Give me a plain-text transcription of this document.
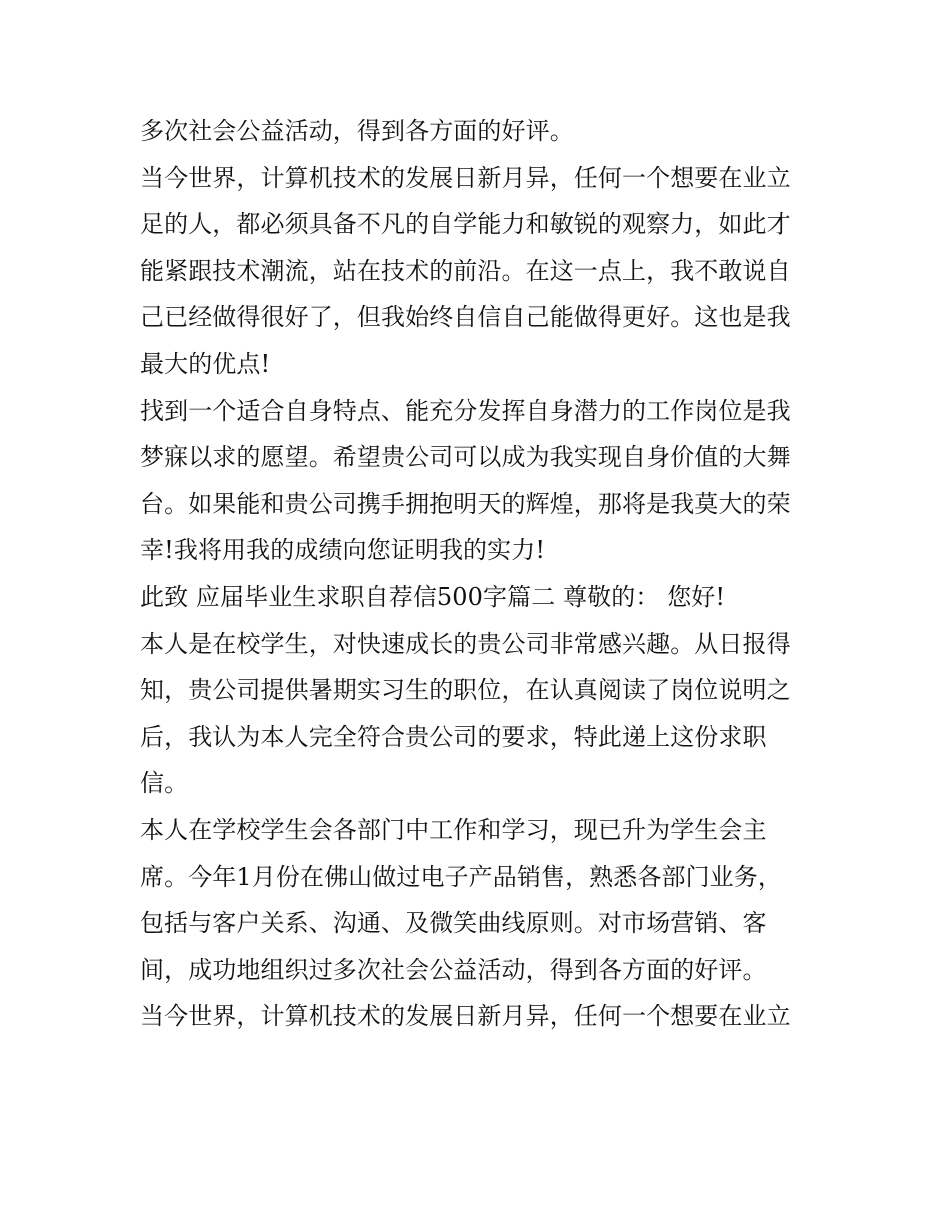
多次社会公益活动，得到各方面的好评。
当今世界，计算机技术的发展日新月异，任何一个想要在业立
足的人，都必须具备不凡的自学能力和敏锐的观察力，如此才
能紧跟技术潮流，站在技术的前沿。在这一点上，我不敢说自
己已经做得很好了，但我始终自信自己能做得更好。这也是我
最大的优点!
找到一个适合自身特点、能充分发挥自身潜力的工作岗位是我
梦寐以求的愿望。希望贵公司可以成为我实现自身价值的大舞
台。如果能和贵公司携手拥抱明天的辉煌，那将是我莫大的荣
幸!我将用我的成绩向您证明我的实力!
此致 应届毕业生求职自荐信500字篇二 尊敬的： 您好!
本人是在校学生，对快速成长的贵公司非常感兴趣。从日报得
知，贵公司提供暑期实习生的职位，在认真阅读了岗位说明之
后，我认为本人完全符合贵公司的要求，特此递上这份求职
信。
本人在学校学生会各部门中工作和学习，现已升为学生会主
席。今年1月份在佛山做过电子产品销售，熟悉各部门业务，
包括与客户关系、沟通、及微笑曲线原则。对市场营销、客
间，成功地组织过多次社会公益活动，得到各方面的好评。
当今世界，计算机技术的发展日新月异，任何一个想要在业立
